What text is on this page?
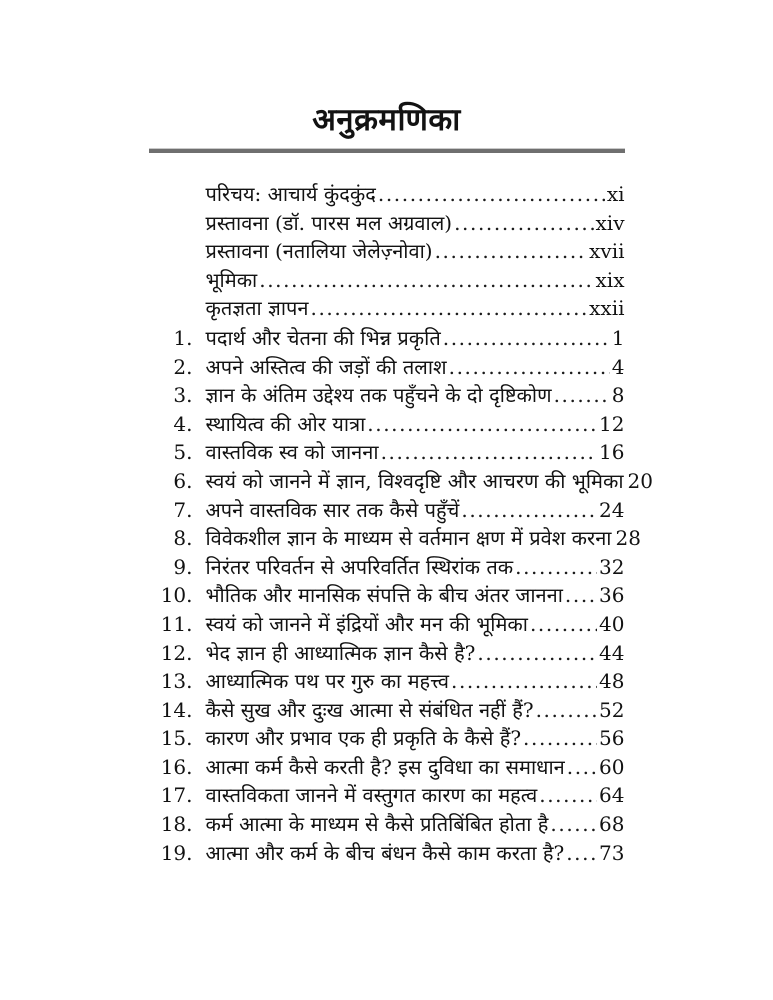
अनुक्रमणिका
परिचय: आचार्य कुंदकुंद .....	xi
प्रस्तावना (डॉ. पारस मल अग्रवाल) .....	xiv
प्रस्तावना (नतालिया जेलेज़्नोवा) .....	xvii
भूमिका .....	xix
कृतज्ञता ज्ञापन .....	xxii
1. पदार्थ और चेतना की भिन्न प्रकृति .....	1
2. अपने अस्तित्व की जड़ों की तलाश .....	4
3. ज्ञान के अंतिम उद्देश्य तक पहुँचने के दो दृष्टिकोण .....	8
4. स्थायित्व की ओर यात्रा .....	12
5. वास्तविक स्व को जानना .....	16
6. स्वयं को जानने में ज्ञान, विश्वदृष्टि और आचरण की भूमिका 20
7. अपने वास्तविक सार तक कैसे पहुँचें .....	24
8. विवेकशील ज्ञान के माध्यम से वर्तमान क्षण में प्रवेश करना 28
9. निरंतर परिवर्तन से अपरिवर्तित स्थिरांक तक .....	32
10. भौतिक और मानसिक संपत्ति के बीच अंतर जानना ..... 36
11. स्वयं को जानने में इंद्रियों और मन की भूमिका .....	40
12. भेद ज्ञान ही आध्यात्मिक ज्ञान कैसे है? .....	44
13. आध्यात्मिक पथ पर गुरु का महत्त्व .....	48
14. कैसे सुख और दुःख आत्मा से संबंधित नहीं हैं? .....	52
15. कारण और प्रभाव एक ही प्रकृति के कैसे हैं? .....	56
16. आत्मा कर्म कैसे करती है? इस दुविधा का समाधान ..... 60
17. वास्तविकता जानने में वस्तुगत कारण का महत्व .....	64
18. कर्म आत्मा के माध्यम से कैसे प्रतिबिंबित होता है .....	68
19. आत्मा और कर्म के बीच बंधन कैसे काम करता है? ..... 73
